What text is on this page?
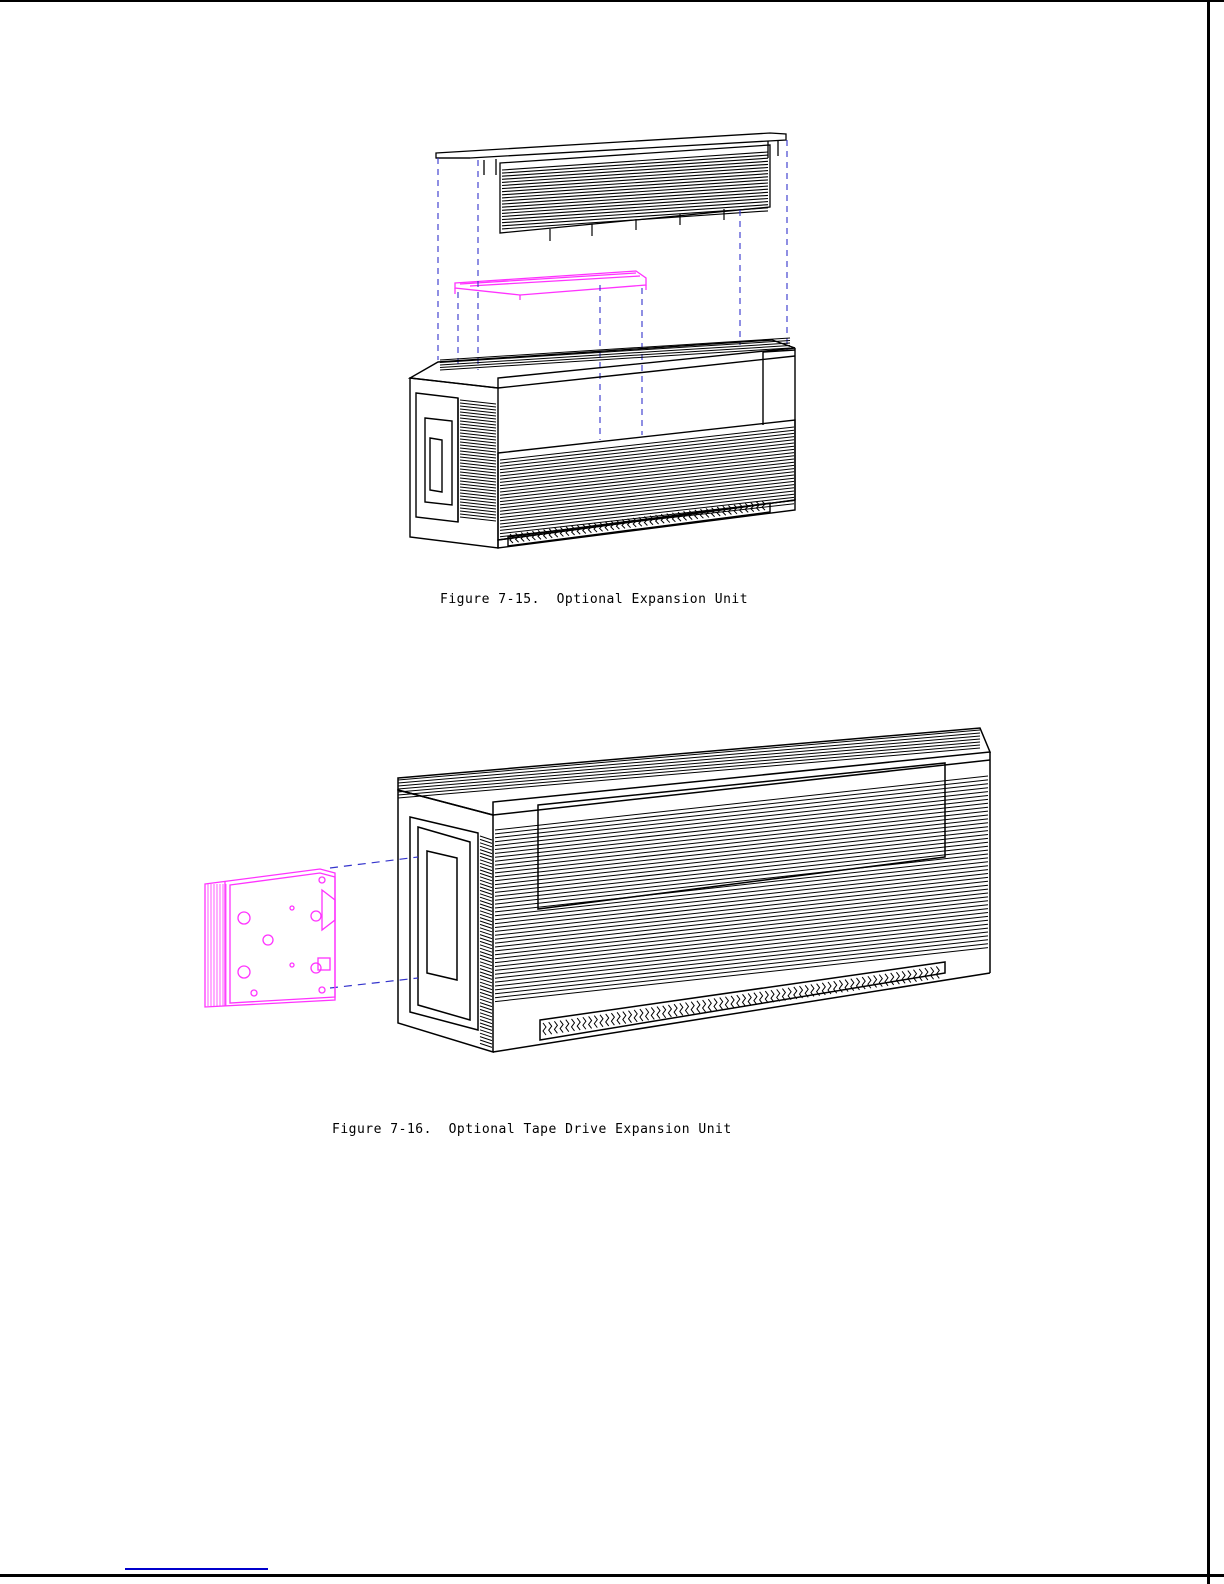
Figure 7-15.  Optional Expansion Unit
Figure 7-16.  Optional Tape Drive Expansion Unit
